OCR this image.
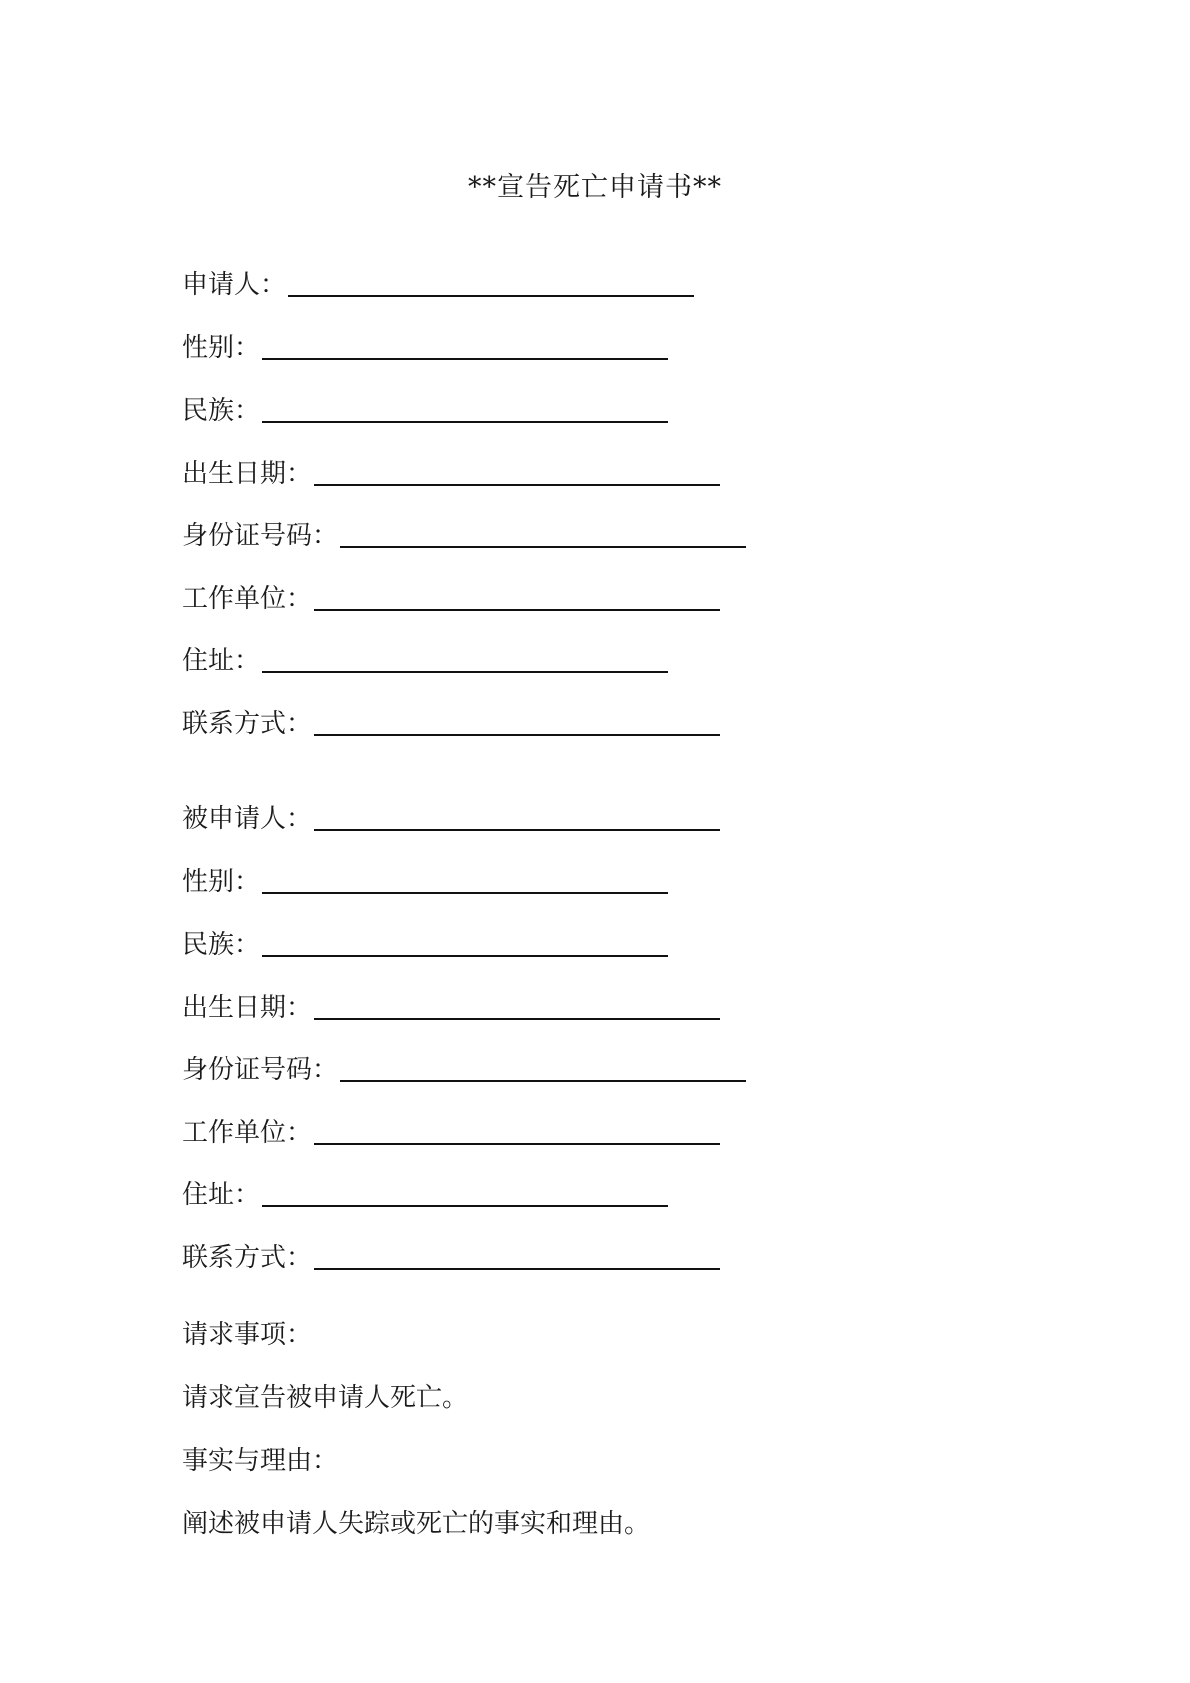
**宣告死亡申请书**
申请人：
性别：
民族：
出生日期：
身份证号码：
工作单位：
住址：
联系方式：
被申请人：
性别：
民族：
出生日期：
身份证号码：
工作单位：
住址：
联系方式：
请求事项：
请求宣告被申请人死亡。
事实与理由：
阐述被申请人失踪或死亡的事实和理由。
